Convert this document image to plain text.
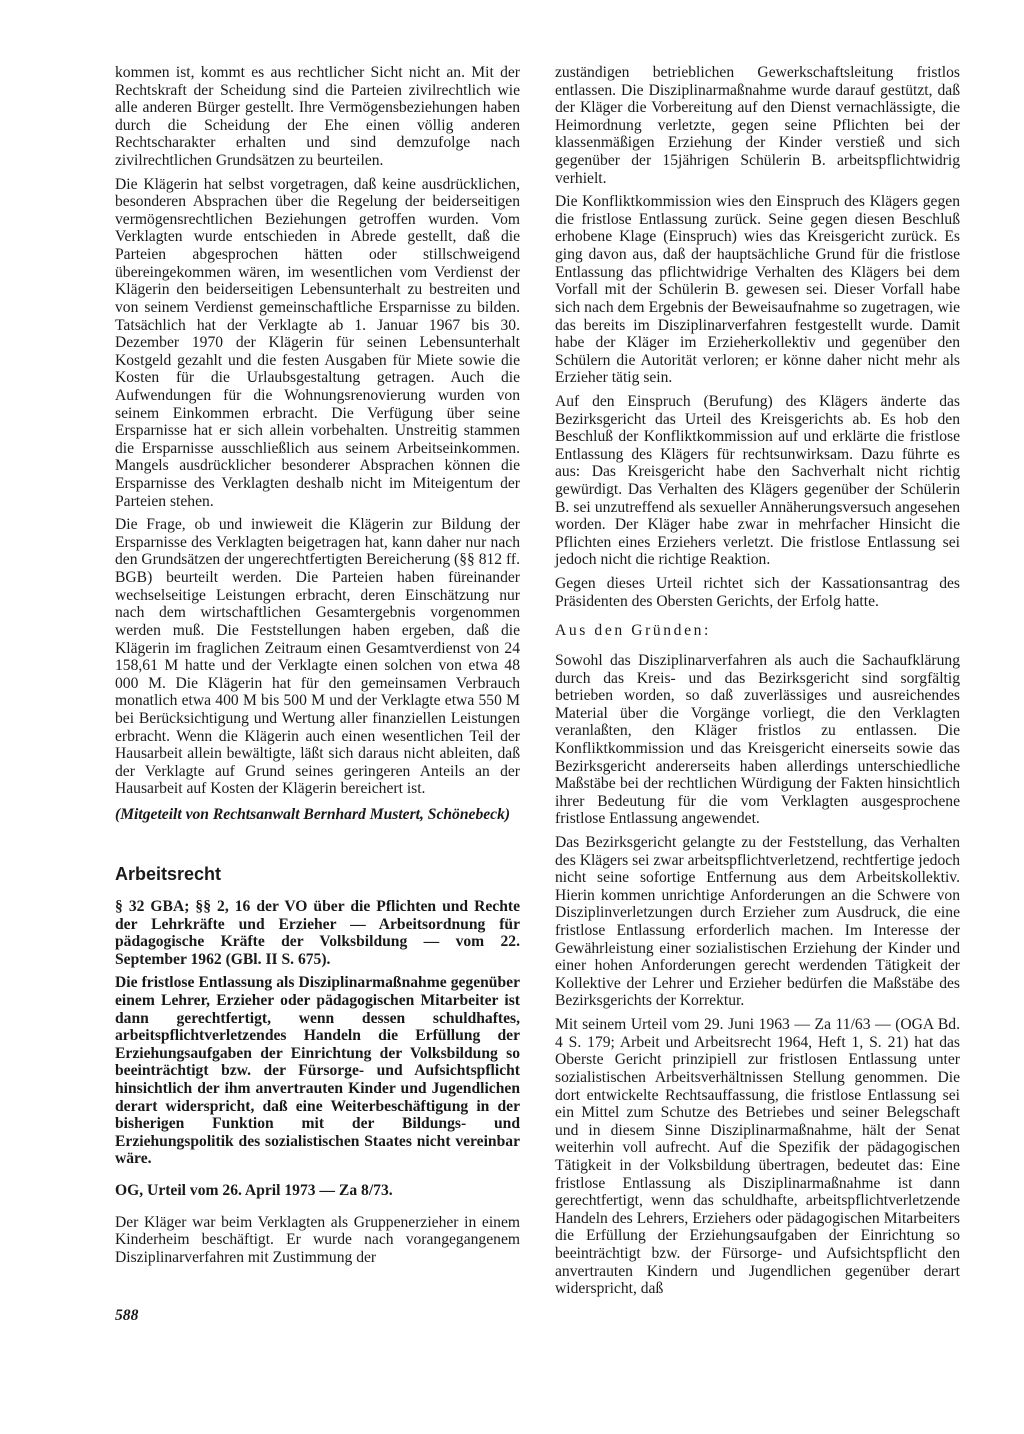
kommen ist, kommt es aus rechtlicher Sicht nicht an. Mit der Rechtskraft der Scheidung sind die Parteien zivilrechtlich wie alle anderen Bürger gestellt. Ihre Vermögensbeziehungen haben durch die Scheidung der Ehe einen völlig anderen Rechtscharakter erhalten und sind demzufolge nach zivilrechtlichen Grundsätzen zu beurteilen.

Die Klägerin hat selbst vorgetragen, daß keine ausdrücklichen, besonderen Absprachen über die Regelung der beiderseitigen vermögensrechtlichen Beziehungen getroffen wurden. Vom Verklagten wurde entschieden in Abrede gestellt, daß die Parteien abgesprochen hätten oder stillschweigend übereingekommen wären, im wesentlichen vom Verdienst der Klägerin den beiderseitigen Lebensunterhalt zu bestreiten und von seinem Verdienst gemeinschaftliche Ersparnisse zu bilden. Tatsächlich hat der Verklagte ab 1. Januar 1967 bis 30. Dezember 1970 der Klägerin für seinen Lebensunterhalt Kostgeld gezahlt und die festen Ausgaben für Miete sowie die Kosten für die Urlaubsgestaltung getragen. Auch die Aufwendungen für die Wohnungsrenovierung wurden von seinem Einkommen erbracht. Die Verfügung über seine Ersparnisse hat er sich allein vorbehalten. Unstreitig stammen die Ersparnisse ausschließlich aus seinem Arbeitseinkommen. Mangels ausdrücklicher besonderer Absprachen können die Ersparnisse des Verklagten deshalb nicht im Miteigentum der Parteien stehen.

Die Frage, ob und inwieweit die Klägerin zur Bildung der Ersparnisse des Verklagten beigetragen hat, kann daher nur nach den Grundsätzen der ungerechtfertigten Bereicherung (§§ 812 ff. BGB) beurteilt werden. Die Parteien haben füreinander wechselseitige Leistungen erbracht, deren Einschätzung nur nach dem wirtschaftlichen Gesamtergebnis vorgenommen werden muß. Die Feststellungen haben ergeben, daß die Klägerin im fraglichen Zeitraum einen Gesamtverdienst von 24 158,61 M hatte und der Verklagte einen solchen von etwa 48 000 M. Die Klägerin hat für den gemeinsamen Verbrauch monatlich etwa 400 M bis 500 M und der Verklagte etwa 550 M bei Berücksichtigung und Wertung aller finanziellen Leistungen erbracht. Wenn die Klägerin auch einen wesentlichen Teil der Hausarbeit allein bewältigte, läßt sich daraus nicht ableiten, daß der Verklagte auf Grund seines geringeren Anteils an der Hausarbeit auf Kosten der Klägerin bereichert ist.

(Mitgeteilt von Rechtsanwalt Bernhard Mustert, Schönebeck)

Arbeitsrecht

§ 32 GBA; §§ 2, 16 der VO über die Pflichten und Rechte der Lehrkräfte und Erzieher — Arbeitsordnung für pädagogische Kräfte der Volksbildung — vom 22. September 1962 (GBl. II S. 675).

Die fristlose Entlassung als Disziplinarmaßnahme gegenüber einem Lehrer, Erzieher oder pädagogischen Mitarbeiter ist dann gerechtfertigt, wenn dessen schuldhaftes, arbeitspflichtverletzendes Handeln die Erfüllung der Erziehungsaufgaben der Einrichtung der Volksbildung so beeinträchtigt bzw. der Fürsorge- und Aufsichtspflicht hinsichtlich der ihm anvertrauten Kinder und Jugendlichen derart widerspricht, daß eine Weiterbeschäftigung in der bisherigen Funktion mit der Bildungs- und Erziehungspolitik des sozialistischen Staates nicht vereinbar wäre.

OG, Urteil vom 26. April 1973 — Za 8/73.

Der Kläger war beim Verklagten als Gruppenerzieher in einem Kinderheim beschäftigt. Er wurde nach vorangegangenem Disziplinarverfahren mit Zustimmung der

588

zuständigen betrieblichen Gewerkschaftsleitung fristlos entlassen. Die Disziplinarmaßnahme wurde darauf gestützt, daß der Kläger die Vorbereitung auf den Dienst vernachlässigte, die Heimordnung verletzte, gegen seine Pflichten bei der klassenmäßigen Erziehung der Kinder verstieß und sich gegenüber der 15jährigen Schülerin B. arbeitspflichtwidrig verhielt.

Die Konfliktkommission wies den Einspruch des Klägers gegen die fristlose Entlassung zurück. Seine gegen diesen Beschluß erhobene Klage (Einspruch) wies das Kreisgericht zurück. Es ging davon aus, daß der hauptsächliche Grund für die fristlose Entlassung das pflichtwidrige Verhalten des Klägers bei dem Vorfall mit der Schülerin B. gewesen sei. Dieser Vorfall habe sich nach dem Ergebnis der Beweisaufnahme so zugetragen, wie das bereits im Disziplinarverfahren festgestellt wurde. Damit habe der Kläger im Erzieherkollektiv und gegenüber den Schülern die Autorität verloren; er könne daher nicht mehr als Erzieher tätig sein.

Auf den Einspruch (Berufung) des Klägers änderte das Bezirksgericht das Urteil des Kreisgerichts ab. Es hob den Beschluß der Konfliktkommission auf und erklärte die fristlose Entlassung des Klägers für rechtsunwirksam. Dazu führte es aus: Das Kreisgericht habe den Sachverhalt nicht richtig gewürdigt. Das Verhalten des Klägers gegenüber der Schülerin B. sei unzutreffend als sexueller Annäherungsversuch angesehen worden. Der Kläger habe zwar in mehrfacher Hinsicht die Pflichten eines Erziehers verletzt. Die fristlose Entlassung sei jedoch nicht die richtige Reaktion.

Gegen dieses Urteil richtet sich der Kassationsantrag des Präsidenten des Obersten Gerichts, der Erfolg hatte.

Aus den Gründen:

Sowohl das Disziplinarverfahren als auch die Sachaufklärung durch das Kreis- und das Bezirksgericht sind sorgfältig betrieben worden, so daß zuverlässiges und ausreichendes Material über die Vorgänge vorliegt, die den Verklagten veranlaßten, den Kläger fristlos zu entlassen. Die Konfliktkommission und das Kreisgericht einerseits sowie das Bezirksgericht andererseits haben allerdings unterschiedliche Maßstäbe bei der rechtlichen Würdigung der Fakten hinsichtlich ihrer Bedeutung für die vom Verklagten ausgesprochene fristlose Entlassung angewendet.

Das Bezirksgericht gelangte zu der Feststellung, das Verhalten des Klägers sei zwar arbeitspflichtverletzend, rechtfertige jedoch nicht seine sofortige Entfernung aus dem Arbeitskollektiv. Hierin kommen unrichtige Anforderungen an die Schwere von Disziplinverletzungen durch Erzieher zum Ausdruck, die eine fristlose Entlassung erforderlich machen. Im Interesse der Gewährleistung einer sozialistischen Erziehung der Kinder und einer hohen Anforderungen gerecht werdenden Tätigkeit der Kollektive der Lehrer und Erzieher bedürfen die Maßstäbe des Bezirksgerichts der Korrektur.

Mit seinem Urteil vom 29. Juni 1963 — Za 11/63 — (OGA Bd. 4 S. 179; Arbeit und Arbeitsrecht 1964, Heft 1, S. 21) hat das Oberste Gericht prinzipiell zur fristlosen Entlassung unter sozialistischen Arbeitsverhältnissen Stellung genommen. Die dort entwickelte Rechtsauffassung, die fristlose Entlassung sei ein Mittel zum Schutze des Betriebes und seiner Belegschaft und in diesem Sinne Disziplinarmaßnahme, hält der Senat weiterhin voll aufrecht. Auf die Spezifik der pädagogischen Tätigkeit in der Volksbildung übertragen, bedeutet das: Eine fristlose Entlassung als Disziplinarmaßnahme ist dann gerechtfertigt, wenn das schuldhafte, arbeitspflichtverletzende Handeln des Lehrers, Erziehers oder pädagogischen Mitarbeiters die Erfüllung der Erziehungsaufgaben der Einrichtung so beeinträchtigt bzw. der Fürsorge- und Aufsichtspflicht den anvertrauten Kindern und Jugendlichen gegenüber derart widerspricht, daß
